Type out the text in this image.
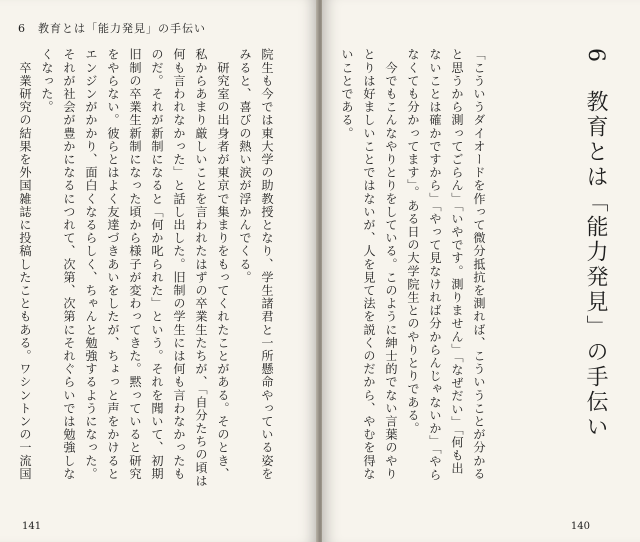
6　教育とは「能力発見」の手伝い
院生も今では東大学の助教授となり、学生諸君と一所懸命やっている姿をみると、喜びの熱い涙が浮かんでくる。
　研究室の出身者が東京で集まりをもってくれたことがある。そのとき、私からあまり厳しいことを言われたはずの卒業生たちが、「自分たちの頃は何も言われなかった」と話し出した。旧制の学生には何も言わなかったものだ。それが新制になると「何か叱られた」という。それを聞いて、初期旧制の卒業生新制になった頃から様子が変わってきた。黙っていると研究をやらない。彼らとはよく友達づきあいをしたが、ちょっと声をかけるとエンジンがかかり、面白くなるらしく、ちゃんと勉強するようになった。それが社会が豊かになるにつれて、次第、次第にそれぐらいでは勉強しなくなった。
　卒業研究の結果を外国雑誌に投稿したこともある。ワシントンの一流国

141
6　教育とは「能力発見」の手伝い
「こういうダイオードを作って微分抵抗を測れば、こういうことが分かると思うから測ってごらん」「いやです。測りません」「なぜだい」「何も出ないことは確かですから」「やって見なければ分からんじゃないか」「やらなくても分かってます」。ある日の大学院生とのやりとりである。
　今でもこんなやりとりをしている。このように紳士的でない言葉のやりとりは好ましいことではないが、人を見て法を説くのだから、やむを得ないことである。

140
